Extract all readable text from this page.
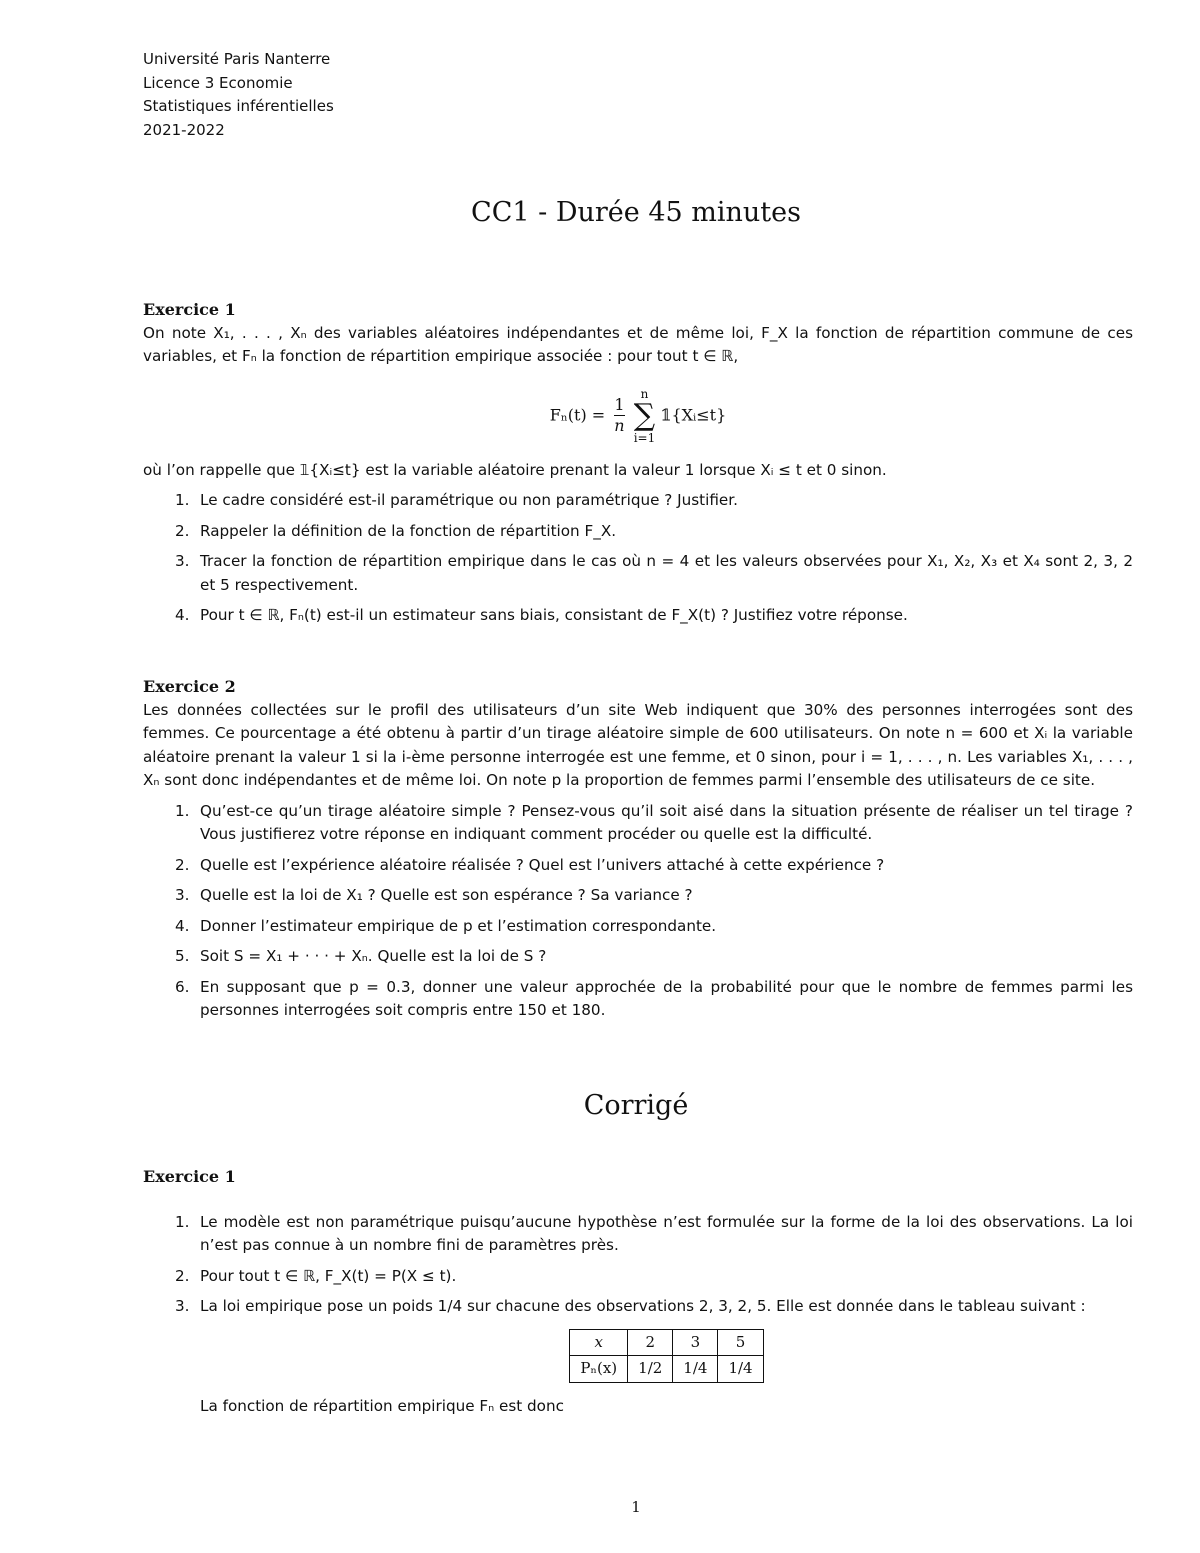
Université Paris Nanterre
Licence 3 Economie
Statistiques inférentielles
2021-2022
CC1 - Durée 45 minutes
Exercice 1
On note X₁, . . . , Xₙ des variables aléatoires indépendantes et de même loi, F_X la fonction de répartition commune de ces variables, et Fₙ la fonction de répartition empirique associée : pour tout t ∈ ℝ,
$F_n(t) = \frac{1}{n}$

n
∑
i=1
𝟙{Xᵢ≤t}
où l’on rappelle que 𝟙{Xᵢ≤t} est la variable aléatoire prenant la valeur 1 lorsque Xᵢ ≤ t et 0 sinon.
1. Le cadre considéré est-il paramétrique ou non paramétrique ? Justifier.
2. Rappeler la définition de la fonction de répartition F_X.
3. Tracer la fonction de répartition empirique dans le cas où n = 4 et les valeurs observées pour X₁, X₂, X₃ et X₄ sont 2, 3, 2 et 5 respectivement.
4. Pour t ∈ ℝ, Fₙ(t) est-il un estimateur sans biais, consistant de F_X(t) ? Justifiez votre réponse.
Exercice 2
Les données collectées sur le profil des utilisateurs d’un site Web indiquent que 30% des personnes interrogées sont des femmes. Ce pourcentage a été obtenu à partir d’un tirage aléatoire simple de 600 utilisateurs. On note n = 600 et Xᵢ la variable aléatoire prenant la valeur 1 si la i-ème personne interrogée est une femme, et 0 sinon, pour i = 1, . . . , n. Les variables X₁, . . . , Xₙ sont donc indépendantes et de même loi. On note p la proportion de femmes parmi l’ensemble des utilisateurs de ce site.
1. Qu’est-ce qu’un tirage aléatoire simple ? Pensez-vous qu’il soit aisé dans la situation présente de réaliser un tel tirage ? Vous justifierez votre réponse en indiquant comment procéder ou quelle est la difficulté.
2. Quelle est l’expérience aléatoire réalisée ? Quel est l’univers attaché à cette expérience ?
3. Quelle est la loi de X₁ ? Quelle est son espérance ? Sa variance ?
4. Donner l’estimateur empirique de p et l’estimation correspondante.
5. Soit S = X₁ + · · · + Xₙ. Quelle est la loi de S ?
6. En supposant que p = 0.3, donner une valeur approchée de la probabilité pour que le nombre de femmes parmi les personnes interrogées soit compris entre 150 et 180.
Corrigé
Exercice 1
1. Le modèle est non paramétrique puisqu’aucune hypothèse n’est formulée sur la forme de la loi des observations. La loi n’est pas connue à un nombre fini de paramètres près.
2. Pour tout t ∈ ℝ, F_X(t) = P(X ≤ t).
3. La loi empirique pose un poids 1/4 sur chacune des observations 2, 3, 2, 5. Elle est donnée dans le tableau suivant :
x	2	3	5
Pₙ(x)	1/2	1/4	1/4
La fonction de répartition empirique Fₙ est donc
1
